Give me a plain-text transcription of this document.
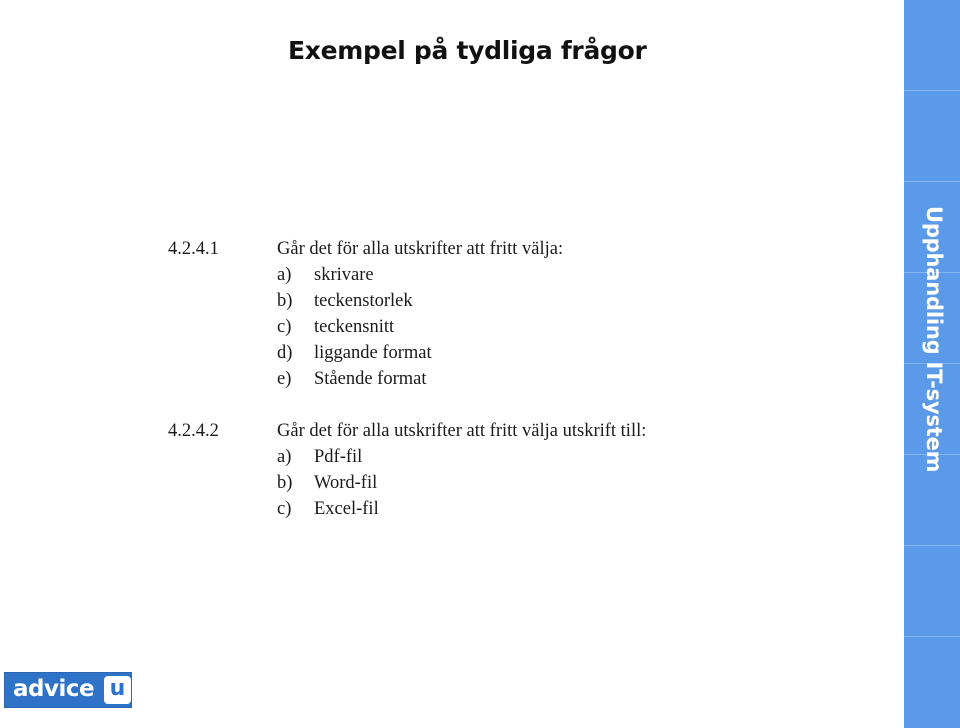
Exempel på tydliga frågor
Upphandling IT-system
4.2.4.1	Går det för alla utskrifter att fritt välja:
a) skrivare
b) teckenstorlek
c) teckensnitt
d) liggande format
e) Stående format
4.2.4.2	Går det för alla utskrifter att fritt välja utskrift till:
a) Pdf-fil
b) Word-fil
c) Excel-fil
advice u
